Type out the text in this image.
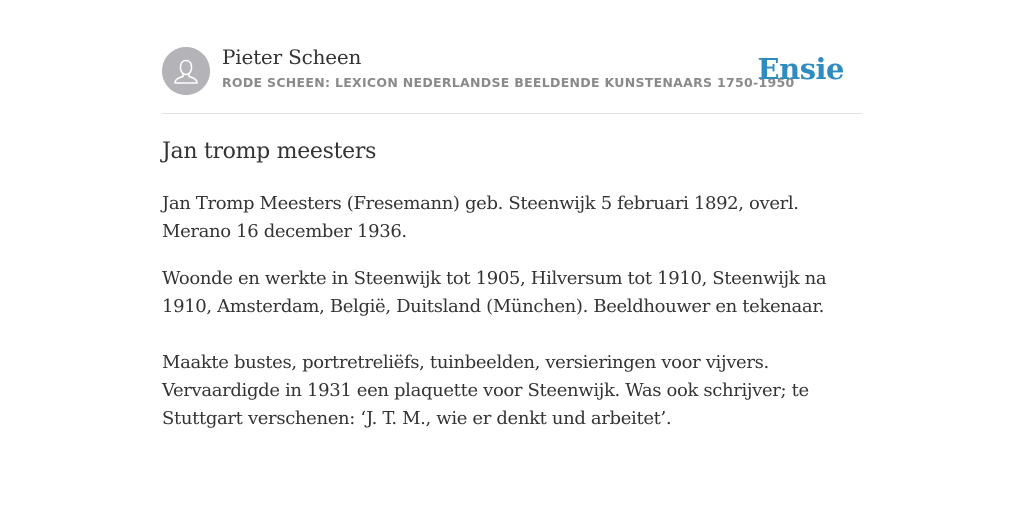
Pieter Scheen
RODE SCHEEN: LEXICON NEDERLANDSE BEELDENDE KUNSTENAARS 1750-1950
Ensie
Jan tromp meesters

Jan Tromp Meesters (Fresemann) geb. Steenwijk 5 februari 1892, overl. Merano 16 december 1936.

Woonde en werkte in Steenwijk tot 1905, Hilversum tot 1910, Steenwijk na 1910, Amsterdam, België, Duitsland (München). Beeldhouwer en tekenaar.

Maakte bustes, portretreliëfs, tuinbeelden, versieringen voor vijvers.
Vervaardigde in 1931 een plaquette voor Steenwijk. Was ook schrijver; te Stuttgart verschenen: ‘J. T. M., wie er denkt und arbeitet’.
